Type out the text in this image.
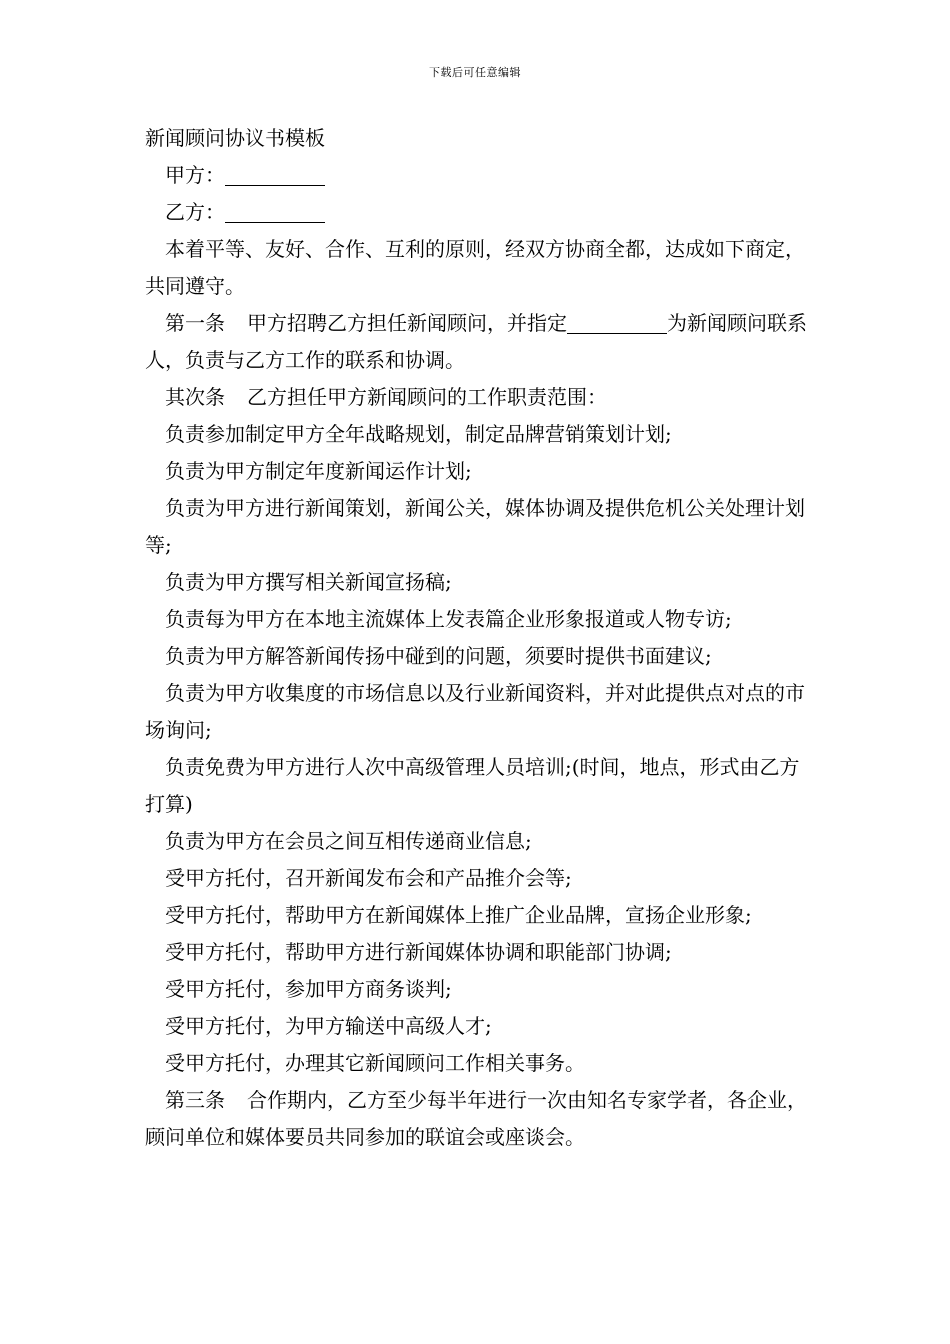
下载后可任意编辑

新闻顾问协议书模板

甲方：

乙方：

本着平等、友好、合作、互利的原则，经双方协商全都，达成如下商定，共同遵守。

第一条 甲方招聘乙方担任新闻顾问，并指定	为新闻顾问联系人，负责与乙方工作的联系和协调。

其次条 乙方担任甲方新闻顾问的工作职责范围：

负责参加制定甲方全年战略规划，制定品牌营销策划计划;

负责为甲方制定年度新闻运作计划;

负责为甲方进行新闻策划，新闻公关，媒体协调及提供危机公关处理计划等;

负责为甲方撰写相关新闻宣扬稿;

负责每为甲方在本地主流媒体上发表篇企业形象报道或人物专访;

负责为甲方解答新闻传扬中碰到的问题，须要时提供书面建议;

负责为甲方收集度的市场信息以及行业新闻资料，并对此提供点对点的市场询问;

负责免费为甲方进行人次中高级管理人员培训;(时间，地点，形式由乙方打算)

负责为甲方在会员之间互相传递商业信息;

受甲方托付，召开新闻发布会和产品推介会等;

受甲方托付，帮助甲方在新闻媒体上推广企业品牌，宣扬企业形象;

受甲方托付，帮助甲方进行新闻媒体协调和职能部门协调;

受甲方托付，参加甲方商务谈判;

受甲方托付，为甲方输送中高级人才;

受甲方托付，办理其它新闻顾问工作相关事务。

第三条 合作期内，乙方至少每半年进行一次由知名专家学者，各企业，顾问单位和媒体要员共同参加的联谊会或座谈会。
